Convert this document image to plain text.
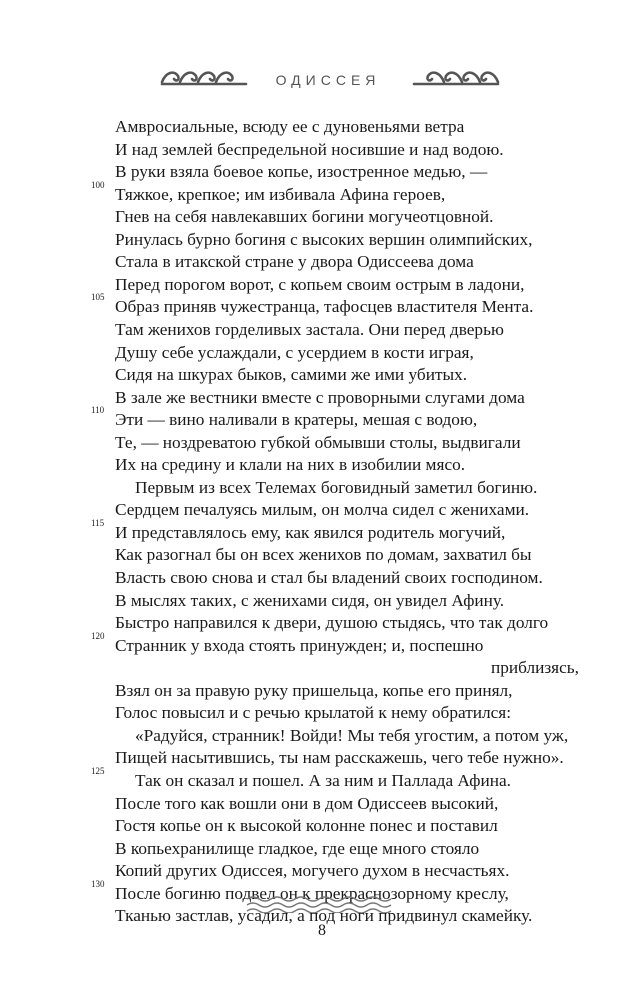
ОДИССЕЯ
Амвросиальные, всюду ее с дуновеньями ветра
И над землей беспредельной носившие и над водою.
В руки взяла боевое копье, изостренное медью, —
100 Тяжкое, крепкое; им избивала Афина героев,
Гнев на себя навлекавших богини могучеотцовной.
Ринулась бурно богиня с высоких вершин олимпийских,
Стала в итакской стране у двора Одиссеева дома
Перед порогом ворот, с копьем своим острым в ладони,
105 Образ приняв чужестранца, тафосцев властителя Мента.
Там женихов горделивых застала. Они перед дверью
Душу себе услаждали, с усердием в кости играя,
Сидя на шкурах быков, самими же ими убитых.
В зале же вестники вместе с проворными слугами дома
110 Эти — вино наливали в кратеры, мешая с водою,
Те, — ноздреватою губкой обмывши столы, выдвигали
Их на средину и клали на них в изобилии мясо.
Первым из всех Телемах боговидный заметил богиню.
Сердцем печалуясь милым, он молча сидел с женихами.
115 И представлялось ему, как явился родитель могучий,
Как разогнал бы он всех женихов по домам, захватил бы
Власть свою снова и стал бы владений своих господином.
В мыслях таких, с женихами сидя, он увидел Афину.
Быстро направился к двери, душою стыдясь, что так долго
120 Странник у входа стоять принужден; и, поспешно
приблизясь,
Взял он за правую руку пришельца, копье его принял,
Голос повысил и с речью крылатой к нему обратился:
«Радуйся, странник! Войди! Мы тебя угостим, а потом уж,
Пищей насытившись, ты нам расскажешь, чего тебе нужно».
125 Так он сказал и пошел. А за ним и Паллада Афина.
После того как вошли они в дом Одиссеев высокий,
Гостя копье он к высокой колонне понес и поставил
В копьехранилище гладкое, где еще много стояло
Копий других Одиссея, могучего духом в несчастьях.
130 После богиню подвел он к прекраснозорному креслу,
Тканью застлав, усадил, а под ноги придвинул скамейку.
8
